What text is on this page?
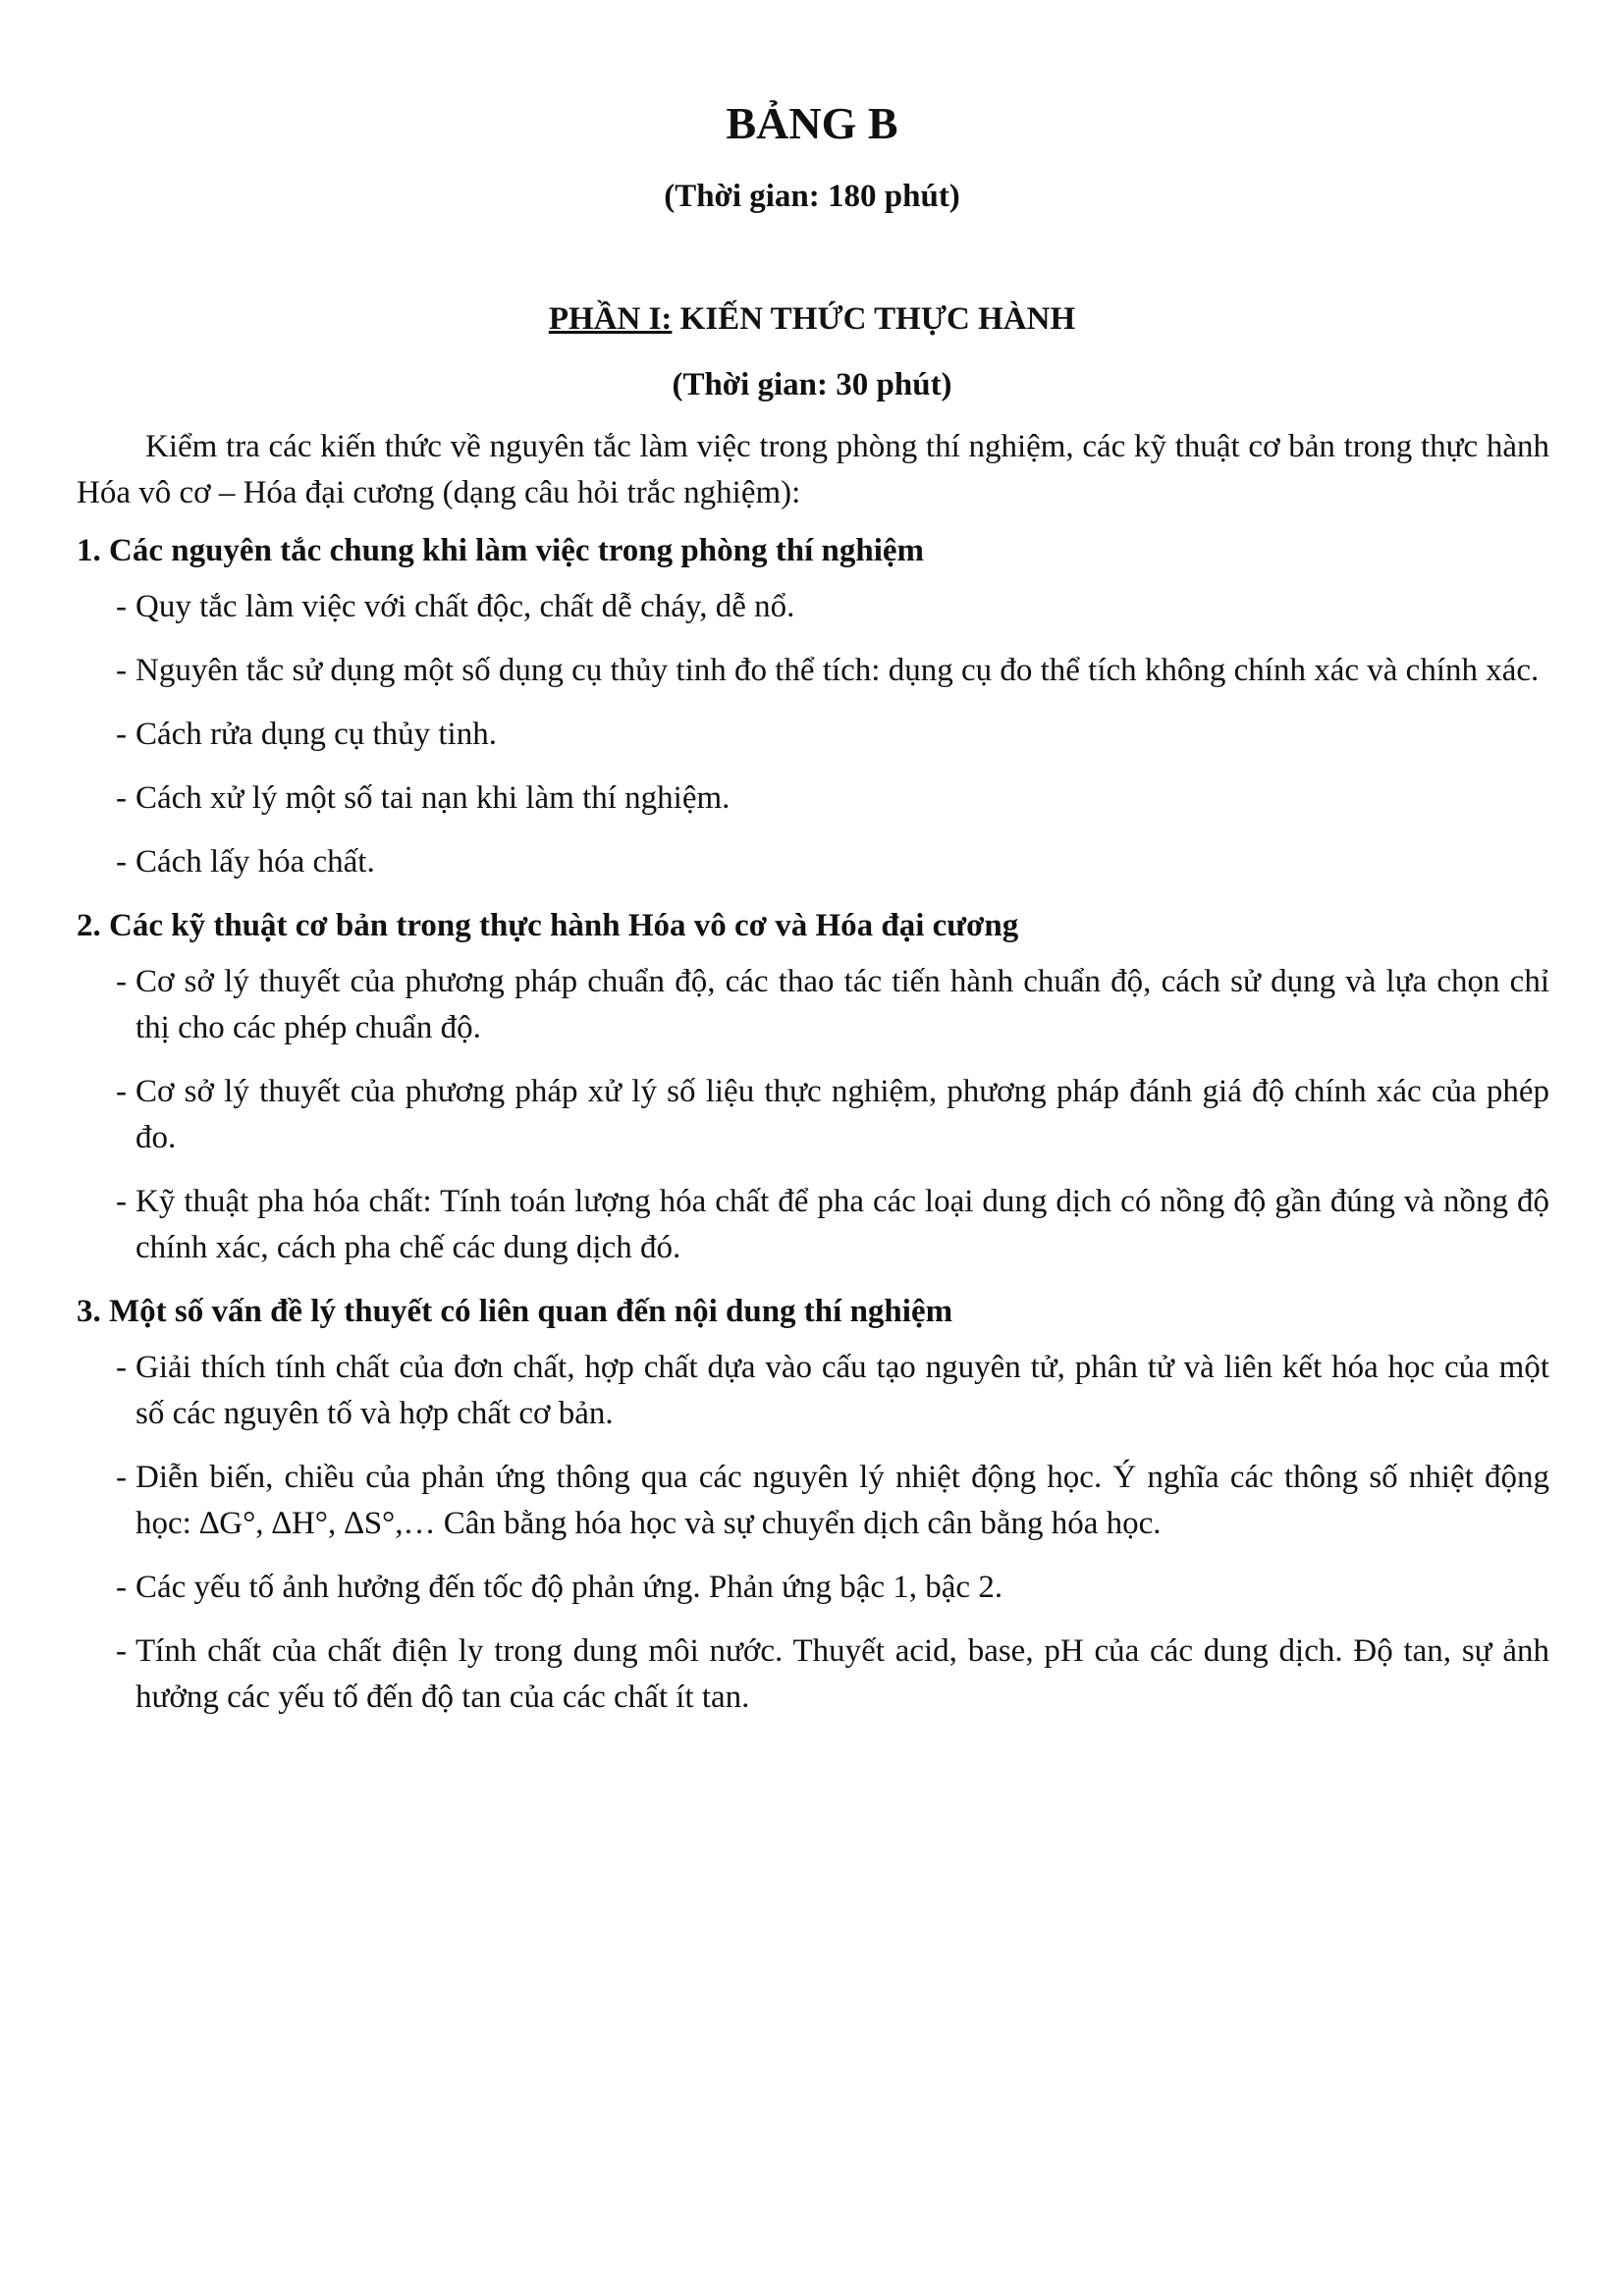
BẢNG B
(Thời gian: 180 phút)
PHẦN I: KIẾN THỨC THỰC HÀNH
(Thời gian: 30 phút)

Kiểm tra các kiến thức về nguyên tắc làm việc trong phòng thí nghiệm, các kỹ thuật cơ bản trong thực hành Hóa vô cơ – Hóa đại cương (dạng câu hỏi trắc nghiệm):

1. Các nguyên tắc chung khi làm việc trong phòng thí nghiệm
- Quy tắc làm việc với chất độc, chất dễ cháy, dễ nổ.
- Nguyên tắc sử dụng một số dụng cụ thủy tinh đo thể tích: dụng cụ đo thể tích không chính xác và chính xác.
- Cách rửa dụng cụ thủy tinh.
- Cách xử lý một số tai nạn khi làm thí nghiệm.
- Cách lấy hóa chất.
2. Các kỹ thuật cơ bản trong thực hành Hóa vô cơ và Hóa đại cương
- Cơ sở lý thuyết của phương pháp chuẩn độ, các thao tác tiến hành chuẩn độ, cách sử dụng và lựa chọn chỉ thị cho các phép chuẩn độ.
- Cơ sở lý thuyết của phương pháp xử lý số liệu thực nghiệm, phương pháp đánh giá độ chính xác của phép đo.
- Kỹ thuật pha hóa chất: Tính toán lượng hóa chất để pha các loại dung dịch có nồng độ gần đúng và nồng độ chính xác, cách pha chế các dung dịch đó.
3. Một số vấn đề lý thuyết có liên quan đến nội dung thí nghiệm
- Giải thích tính chất của đơn chất, hợp chất dựa vào cấu tạo nguyên tử, phân tử và liên kết hóa học của một số các nguyên tố và hợp chất cơ bản.
- Diễn biến, chiều của phản ứng thông qua các nguyên lý nhiệt động học. Ý nghĩa các thông số nhiệt động học: ∆G°, ∆H°, ∆S°,… Cân bằng hóa học và sự chuyển dịch cân bằng hóa học.
- Các yếu tố ảnh hưởng đến tốc độ phản ứng. Phản ứng bậc 1, bậc 2.
- Tính chất của chất điện ly trong dung môi nước. Thuyết acid, base, pH của các dung dịch. Độ tan, sự ảnh hưởng các yếu tố đến độ tan của các chất ít tan.
